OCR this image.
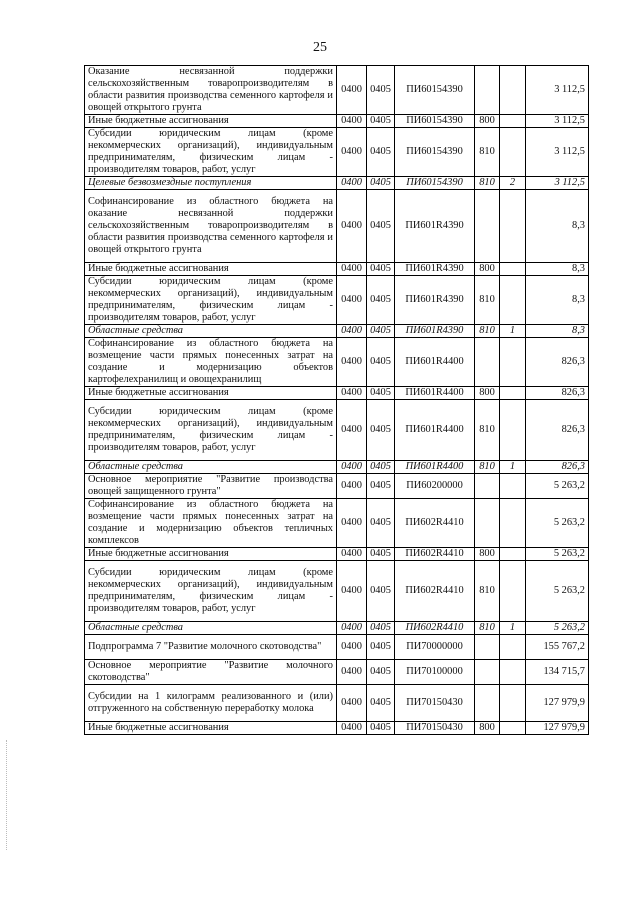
25
Оказание несвязанной поддержки сельскохозяйственным товаропроизводителям в области развития производства семенного картофеля и овощей открытого грунта	0400	0405	ПИ60154390			3 112,5
Иные бюджетные ассигнования	0400	0405	ПИ60154390	800		3 112,5
Субсидии юридическим лицам (кроме некоммерческих организаций), индивидуальным предпринимателям, физическим лицам - производителям товаров, работ, услуг	0400	0405	ПИ60154390	810		3 112,5
Целевые безвозмездные поступления	0400	0405	ПИ60154390	810	2	3 112,5
Софинансирование из областного бюджета на оказание несвязанной поддержки сельскохозяйственным товаропроизводителям в области развития производства семенного картофеля и овощей открытого грунта	0400	0405	ПИ601R4390			8,3
Иные бюджетные ассигнования	0400	0405	ПИ601R4390	800		8,3
Субсидии юридическим лицам (кроме некоммерческих организаций), индивидуальным предпринимателям, физическим лицам - производителям товаров, работ, услуг	0400	0405	ПИ601R4390	810		8,3
Областные средства	0400	0405	ПИ601R4390	810	1	8,3
Софинансирование из областного бюджета на возмещение части прямых понесенных затрат на создание и модернизацию объектов картофелехранилищ и овощехранилищ	0400	0405	ПИ601R4400			826,3
Иные бюджетные ассигнования	0400	0405	ПИ601R4400	800		826,3
Субсидии юридическим лицам (кроме некоммерческих организаций), индивидуальным предпринимателям, физическим лицам - производителям товаров, работ, услуг	0400	0405	ПИ601R4400	810		826,3
Областные средства	0400	0405	ПИ601R4400	810	1	826,3
Основное мероприятие "Развитие производства овощей защищенного грунта"	0400	0405	ПИ60200000			5 263,2
Софинансирование из областного бюджета на возмещение части прямых понесенных затрат на создание и модернизацию объектов тепличных комплексов	0400	0405	ПИ602R4410			5 263,2
Иные бюджетные ассигнования	0400	0405	ПИ602R4410	800		5 263,2
Субсидии юридическим лицам (кроме некоммерческих организаций), индивидуальным предпринимателям, физическим лицам - производителям товаров, работ, услуг	0400	0405	ПИ602R4410	810		5 263,2
Областные средства	0400	0405	ПИ602R4410	810	1	5 263,2
Подпрограмма 7 "Развитие молочного скотоводства"	0400	0405	ПИ70000000			155 767,2
Основное мероприятие "Развитие молочного скотоводства"	0400	0405	ПИ70100000			134 715,7
Субсидии на 1 килограмм реализованного и (или) отгруженного на собственную переработку молока	0400	0405	ПИ70150430			127 979,9
Иные бюджетные ассигнования	0400	0405	ПИ70150430	800		127 979,9
